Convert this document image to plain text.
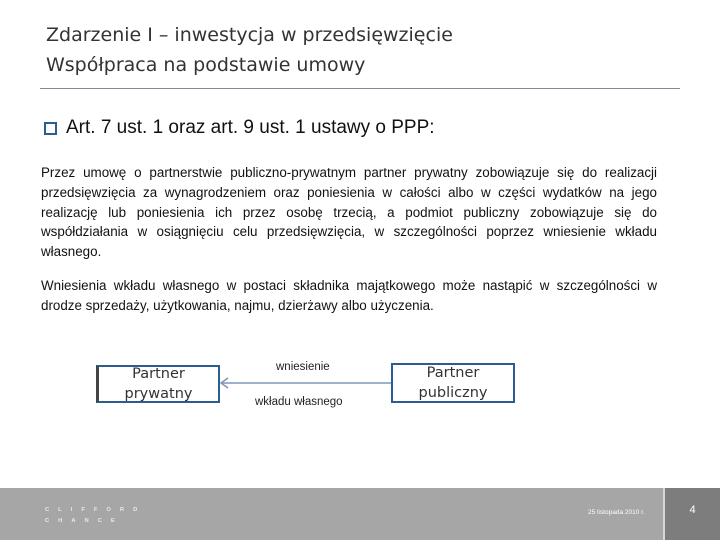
Zdarzenie I – inwestycja w przedsięwzięcie
Współpraca na podstawie umowy
Art. 7 ust. 1 oraz art. 9 ust. 1 ustawy o PPP:
Przez umowę o partnerstwie publiczno-prywatnym partner prywatny zobowiązuje się do realizacji przedsięwzięcia za wynagrodzeniem oraz poniesienia w całości albo w części wydatków na jego realizację lub poniesienia ich przez osobę trzecią, a podmiot publiczny zobowiązuje się do współdziałania w osiągnięciu celu przedsięwzięcia, w szczególności poprzez wniesienie wkładu własnego.
Wniesienia wkładu własnego w postaci składnika majątkowego może nastąpić w szczególności w drodze sprzedaży, użytkowania, najmu, dzierżawy albo użyczenia.
Partner
prywatny
wniesienie
wkładu własnego
Partner
publiczny
CLIFFORD
CHANCE
25 listopada 2010 r.	4
